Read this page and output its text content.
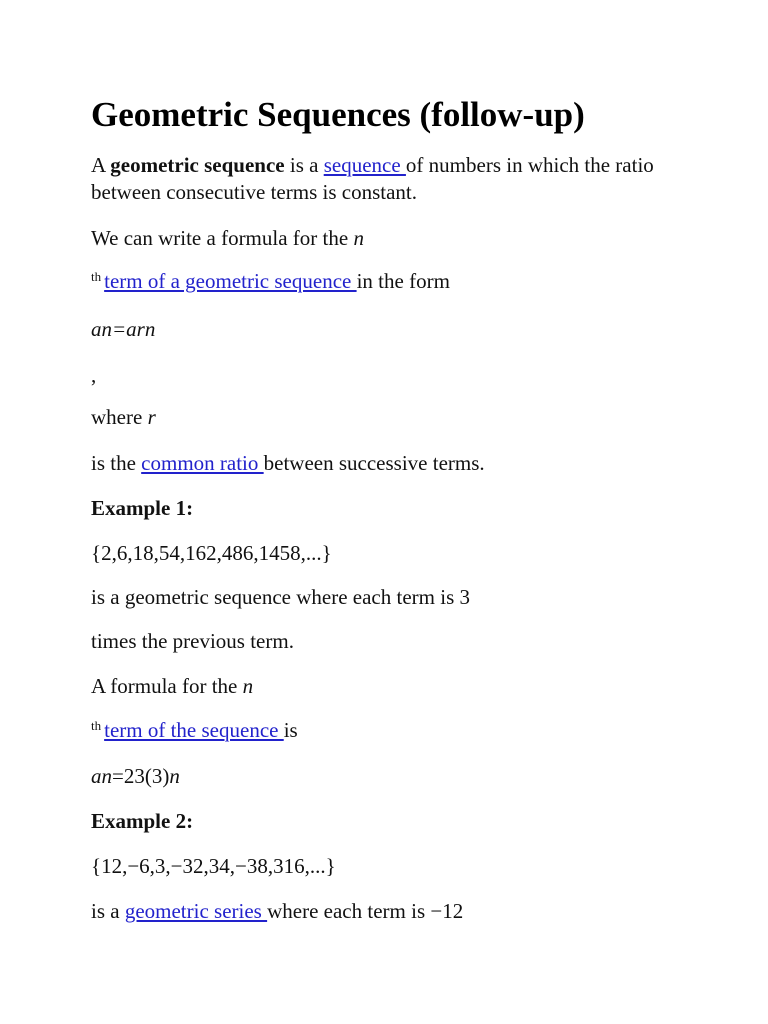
Geometric Sequences (follow-up)

A geometric sequence is a sequence of numbers in which the ratio between consecutive terms is constant.

We can write a formula for the n

$^{th}$ term of a geometric sequence in the form

an=arn

,

where r

is the common ratio between successive terms.

Example 1:

{2,6,18,54,162,486,1458,...}

is a geometric sequence where each term is 3

times the previous term.

A formula for the n

$^{th}$ term of the sequence is

an=23(3)n

Example 2:

{12,−6,3,−32,34,−38,316,...}

is a geometric series where each term is −12
